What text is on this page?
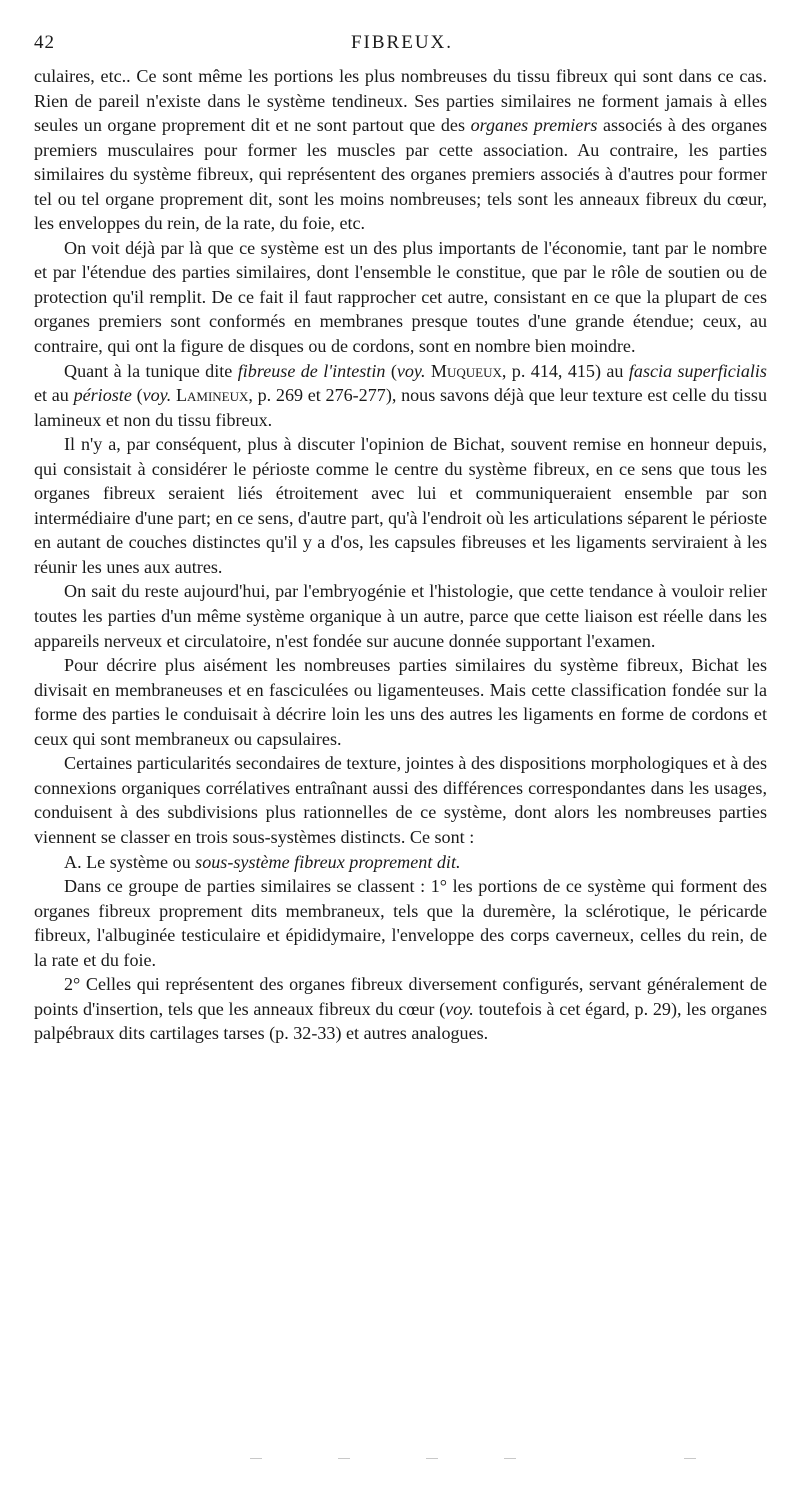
42	FIBREUX.

culaires, etc.. Ce sont même les portions les plus nombreuses du tissu fibreux qui sont dans ce cas. Rien de pareil n'existe dans le système tendineux. Ses parties similaires ne forment jamais à elles seules un organe proprement dit et ne sont partout que des organes premiers associés à des organes premiers musculaires pour former les muscles par cette association. Au contraire, les parties similaires du système fibreux, qui représentent des organes premiers associés à d'autres pour former tel ou tel organe proprement dit, sont les moins nombreuses; tels sont les anneaux fibreux du cœur, les enveloppes du rein, de la rate, du foie, etc.

On voit déjà par là que ce système est un des plus importants de l'économie, tant par le nombre et par l'étendue des parties similaires, dont l'ensemble le constitue, que par le rôle de soutien ou de protection qu'il remplit. De ce fait il faut rapprocher cet autre, consistant en ce que la plupart de ces organes premiers sont conformés en membranes presque toutes d'une grande étendue; ceux, au contraire, qui ont la figure de disques ou de cordons, sont en nombre bien moindre.

Quant à la tunique dite fibreuse de l'intestin (voy. Muqueux, p. 414, 415) au fascia superficialis et au périoste (voy. Lamineux, p. 269 et 276-277), nous savons déjà que leur texture est celle du tissu lamineux et non du tissu fibreux.

Il n'y a, par conséquent, plus à discuter l'opinion de Bichat, souvent remise en honneur depuis, qui consistait à considérer le périoste comme le centre du système fibreux, en ce sens que tous les organes fibreux seraient liés étroitement avec lui et communiqueraient ensemble par son intermédiaire d'une part; en ce sens, d'autre part, qu'à l'endroit où les articulations séparent le périoste en autant de couches distinctes qu'il y a d'os, les capsules fibreuses et les ligaments serviraient à les réunir les unes aux autres.

On sait du reste aujourd'hui, par l'embryogénie et l'histologie, que cette tendance à vouloir relier toutes les parties d'un même système organique à un autre, parce que cette liaison est réelle dans les appareils nerveux et circulatoire, n'est fondée sur aucune donnée supportant l'examen.

Pour décrire plus aisément les nombreuses parties similaires du système fibreux, Bichat les divisait en membraneuses et en fasciculées ou ligamenteuses. Mais cette classification fondée sur la forme des parties le conduisait à décrire loin les uns des autres les ligaments en forme de cordons et ceux qui sont membraneux ou capsulaires.

Certaines particularités secondaires de texture, jointes à des dispositions morphologiques et à des connexions organiques corrélatives entraînant aussi des différences correspondantes dans les usages, conduisent à des subdivisions plus rationnelles de ce système, dont alors les nombreuses parties viennent se classer en trois sous-systèmes distincts. Ce sont :

A. Le système ou sous-système fibreux proprement dit.

Dans ce groupe de parties similaires se classent : 1° les portions de ce système qui forment des organes fibreux proprement dits membraneux, tels que la duremère, la sclérotique, le péricarde fibreux, l'albuginée testiculaire et épididymaire, l'enveloppe des corps caverneux, celles du rein, de la rate et du foie.

2° Celles qui représentent des organes fibreux diversement configurés, servant généralement de points d'insertion, tels que les anneaux fibreux du cœur (voy. toutefois à cet égard, p. 29), les organes palpébraux dits cartilages tarses (p. 32-33) et autres analogues.
